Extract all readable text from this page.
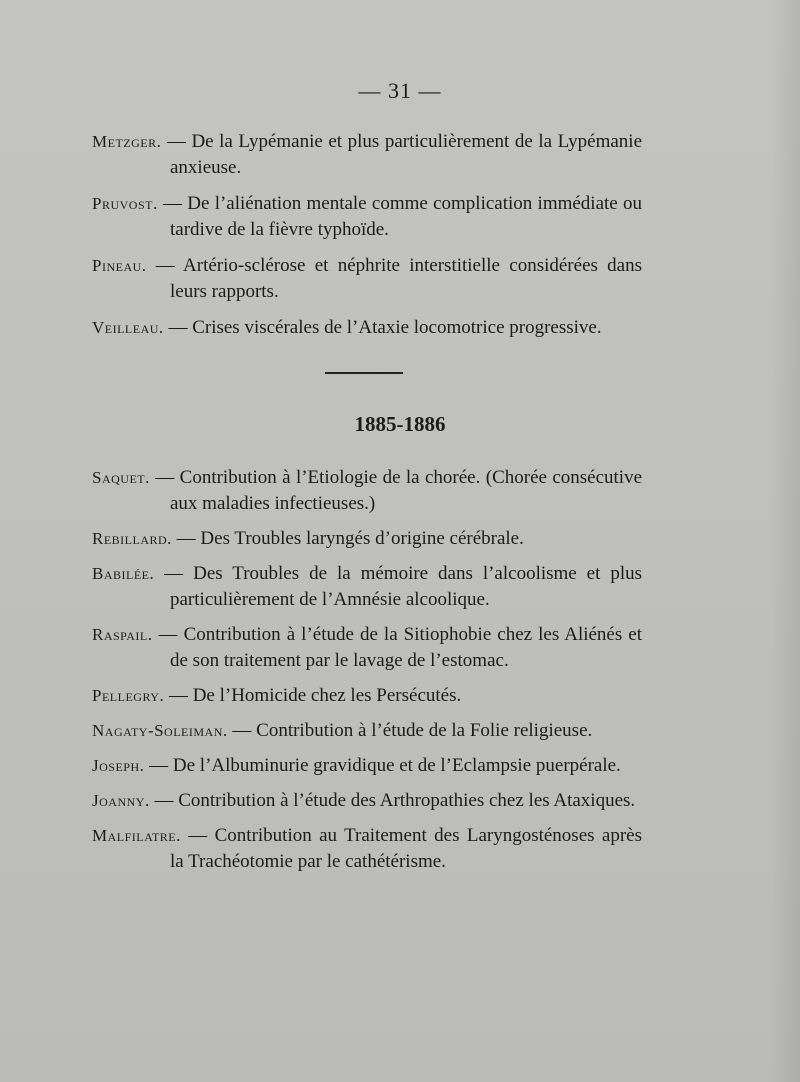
— 31 —

Metzger. — De la Lypémanie et plus particulièrement de la Lypémanie anxieuse.

Pruvost. — De l’aliénation mentale comme complication immédiate ou tardive de la fièvre typhoïde.

Pineau. — Artério-sclérose et néphrite interstitielle considérées dans leurs rapports.

Veilleau. — Crises viscérales de l’Ataxie locomotrice progressive.

1885-1886

Saquet. — Contribution à l’Etiologie de la chorée. (Chorée consécutive aux maladies infectieuses.)

Rebillard. — Des Troubles laryngés d’origine cérébrale.

Babilée. — Des Troubles de la mémoire dans l’alcoolisme et plus particulièrement de l’Amnésie alcoolique.

Raspail. — Contribution à l’étude de la Sitiophobie chez les Aliénés et de son traitement par le lavage de l’estomac.

Pellegry. — De l’Homicide chez les Persécutés.

Nagaty-Soleiman. — Contribution à l’étude de la Folie religieuse.

Joseph. — De l’Albuminurie gravidique et de l’Eclampsie puerpérale.

Joanny. — Contribution à l’étude des Arthropathies chez les Ataxiques.

Malfilatre. — Contribution au Traitement des Laryngosténoses après la Trachéotomie par le cathétérisme.
